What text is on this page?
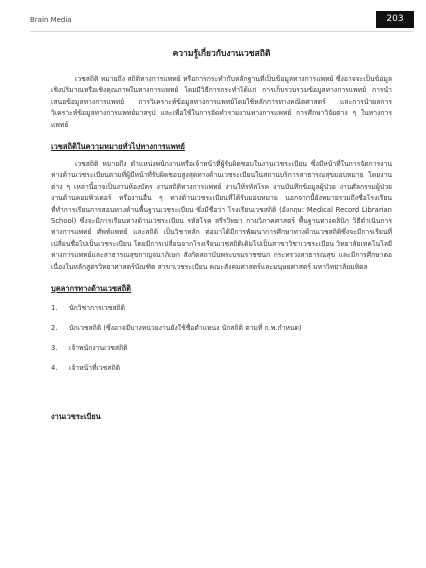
Brain Media	203
ความรู้เกี่ยวกับงานเวชสถิติ

เวชสถิติ หมายถึง สถิติทางการแพทย์ หรือการกระทำกับหลักฐานที่เป็นข้อมูลทางการแพทย์ ซึ่งอาจจะเป็นข้อมูลเชิงปริมาณหรือเชิงคุณภาพในทางการแพทย์ โดยมีวิธีการกระทำได้แก่ การเก็บรวบรวมข้อมูลทางการแพทย์ การนำเสนอข้อมูลทางการแพทย์ การวิเคราะห์ข้อมูลทางการแพทย์โดยใช้หลักการทางคณิตศาสตร์ และการนำผลการวิเคราะห์ข้อมูลทางการแพทย์มาสรุป และเพื่อใช้ในการจัดทำรายงานทางการแพทย์ การศึกษาวิจัยต่าง ๆ ในทางการแพทย์

เวชสถิติในความหมายทั่วไปทางการแพทย์

เวชสถิติ หมายถึง ตำแหน่งพนักงานหรือเจ้าหน้าที่ผู้รับผิดชอบในงานเวชระเบียน ซึ่งมีหน้าที่ในการจัดการงานทางด้านเวชระเบียนตามที่ผู้มีหน้าที่รับผิดชอบสูงสุดทางด้านเวชระเบียนในสถานบริการสาธารณสุขมอบหมาย โดยงานต่าง ๆ เหล่านี้อาจเป็นงานห้องบัตร งานสถิติทางการแพทย์ งานให้รหัสโรค งานบันทึกข้อมูลผู้ป่วย งานศัลกรรมผู้ป่วย งานด้านคอมพิวเตอร์ หรืองานอื่น ๆ ทางด้านเวชระเบียนที่ได้รับมอบหมาย นอกจากนี้ยังหมายรวมถึงชื่อโรงเรียนที่ทำการเรียนการสอนทางด้านพื้นฐานเวชระเบียน ซึ่งมีชื่อว่า โรงเรียนเวชสถิติ (อังกฤษ: Medical Record Librarian School) ซึ่งจะมีการเรียนทางด้านเวชระเบียน รหัสโรค สรีรวิทยา กายวิภาคศาสตร์ พื้นฐานทางคลินิก วิธีดำเนินการทางการแพทย์ ศัพท์แพทย์ และสถิติ เป็นวิชาหลัก ต่อมาได้มีการพัฒนาการศึกษาทางด้านเวชสถิติซึ่งจะมีการเรียนที่เปลี่ยนชื่อไปเป็นเวชระเบียน โดยมีการเปลี่ยนจากโรงเรียนเวชสถิติเดิมไปเป็นสาขาวิชาเวชระเบียน วิทยาลัยเทคโนโลยีทางการแพทย์และสาธารณสุขกาญจนาภิเษก สังกัดสถาบันพระบรมราชชนก กระทรวงสาธารณสุข และมีการศึกษาต่อเนื่องในหลักสูตรวิทยาศาสตร์บัณฑิต สาขาเวชระเบียน คณะสังคมศาสตร์และมนุษยศาสตร์ มหาวิทยาลัยมหิดล

บุคลากรทางด้านเวชสถิติ
1. นักวิชาการเวชสถิติ
2. นักเวชสถิติ (ซึ่งอาจมีบางหน่วยงานยังใช้ชื่อตำแหน่ง นักสถิติ ตามที่ ก.พ.กำหนด)
3. เจ้าพนักงานเวชสถิติ
4. เจ้าหน้าที่เวชสถิติ
งานเวชระเบียน
